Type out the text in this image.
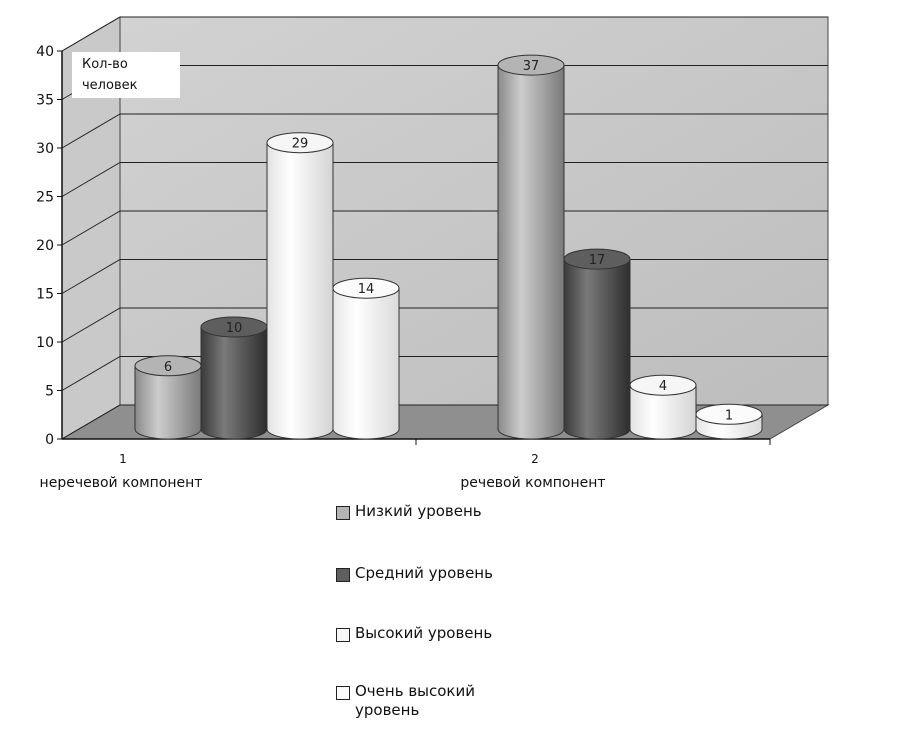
0
5
10
15
20
25
30
35
40
1
неречевой компонент
2
речевой компонент
6
10
29
14
37
17
4
1
Кол-во
человек
Низкий уровень
Средний уровень
Высокий уровень
Очень высокий
уровень
